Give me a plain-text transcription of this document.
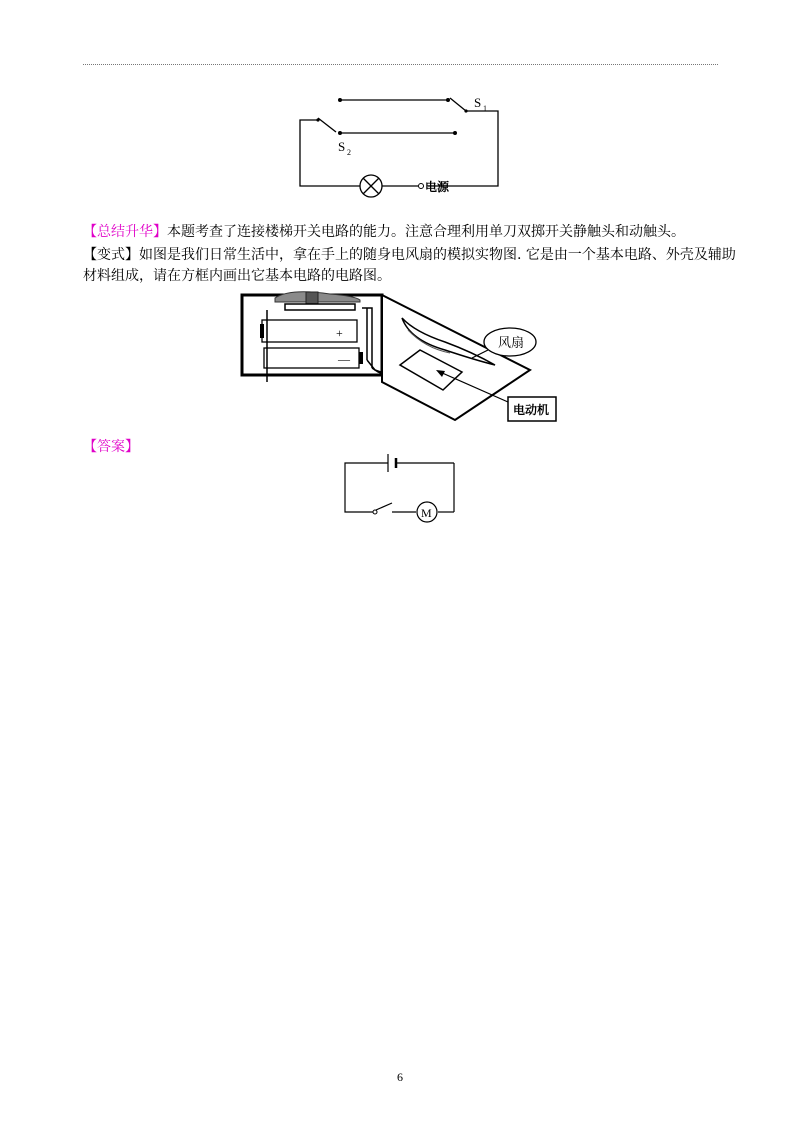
S 1
S 2
电源
【总结升华】本题考查了连接楼梯开关电路的能力。注意合理利用单刀双掷开关静触头和动触头。
【变式】如图是我们日常生活中，拿在手上的随身电风扇的模拟实物图. 它是由一个基本电路、外壳及辅助
材料组成，请在方框内画出它基本电路的电路图。
风扇
电动机
+
—
【答案】
M
6
